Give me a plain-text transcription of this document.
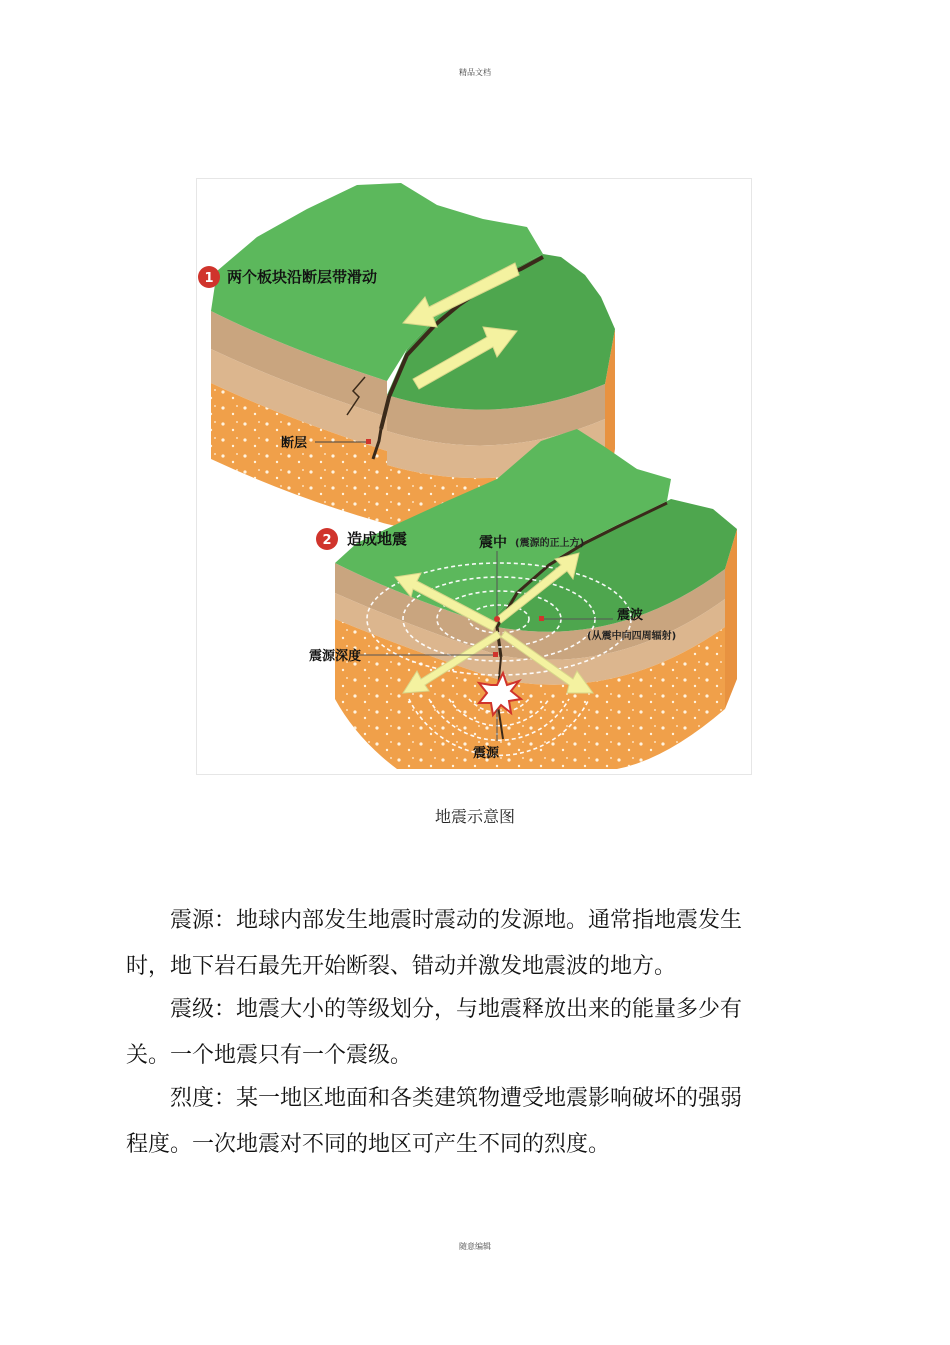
精品文档
1 两个板块沿断层带滑动
断层
2 造成地震	震中 (震源的正上方)
震波
(从震中向四周辐射)
震源深度
震源
地震示意图

震源：地球内部发生地震时震动的发源地。通常指地震发生时，地下岩石最先开始断裂、错动并激发地震波的地方。

震级：地震大小的等级划分，与地震释放出来的能量多少有关。一个地震只有一个震级。

烈度：某一地区地面和各类建筑物遭受地震影响破坏的强弱程度。一次地震对不同的地区可产生不同的烈度。

随意编辑
